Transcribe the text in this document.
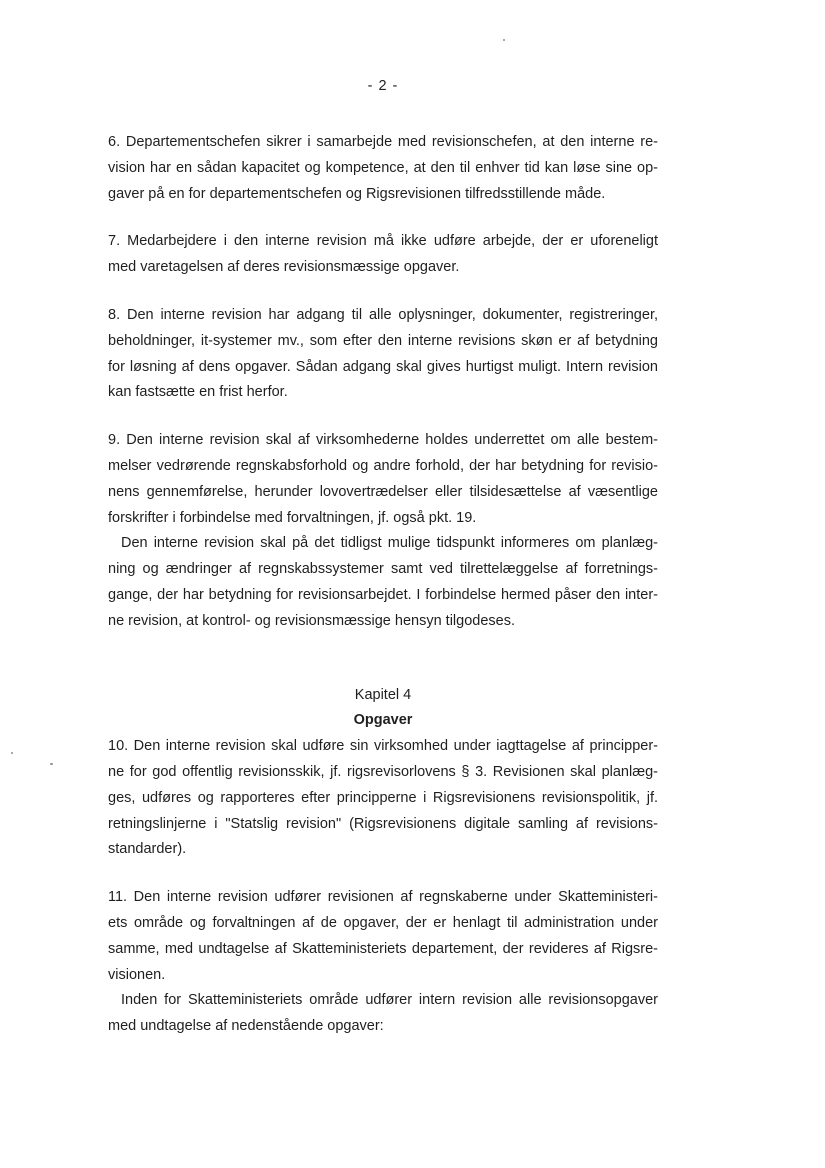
- 2 -
6. Departementschefen sikrer i samarbejde med revisionschefen, at den interne re-
vision har en sådan kapacitet og kompetence, at den til enhver tid kan løse sine op-
gaver på en for departementschefen og Rigsrevisionen tilfredsstillende måde.
7. Medarbejdere i den interne revision må ikke udføre arbejde, der er uforeneligt
med varetagelsen af deres revisionsmæssige opgaver.
8. Den interne revision har adgang til alle oplysninger, dokumenter, registreringer,
beholdninger, it-systemer mv., som efter den interne revisions skøn er af betydning
for løsning af dens opgaver. Sådan adgang skal gives hurtigst muligt. Intern revision
kan fastsætte en frist herfor.
9. Den interne revision skal af virksomhederne holdes underrettet om alle bestem-
melser vedrørende regnskabsforhold og andre forhold, der har betydning for revisio-
nens gennemførelse, herunder lovovertrædelser eller tilsidesættelse af væsentlige
forskrifter i forbindelse med forvaltningen, jf. også pkt. 19.
Den interne revision skal på det tidligst mulige tidspunkt informeres om planlæg-
ning og ændringer af regnskabssystemer samt ved tilrettelæggelse af forretnings-
gange, der har betydning for revisionsarbejdet. I forbindelse hermed påser den inter-
ne revision, at kontrol- og revisionsmæssige hensyn tilgodeses.
Kapitel 4
Opgaver
10. Den interne revision skal udføre sin virksomhed under iagttagelse af principper-
ne for god offentlig revisionsskik, jf. rigsrevisorlovens § 3. Revisionen skal planlæg-
ges, udføres og rapporteres efter principperne i Rigsrevisionens revisionspolitik, jf.
retningslinjerne i "Statslig revision" (Rigsrevisionens digitale samling af revisions-
standarder).
11. Den interne revision udfører revisionen af regnskaberne under Skatteministeri-
ets område og forvaltningen af de opgaver, der er henlagt til administration under
samme, med undtagelse af Skatteministeriets departement, der revideres af Rigsre-
visionen.
Inden for Skatteministeriets område udfører intern revision alle revisionsopgaver
med undtagelse af nedenstående opgaver:
